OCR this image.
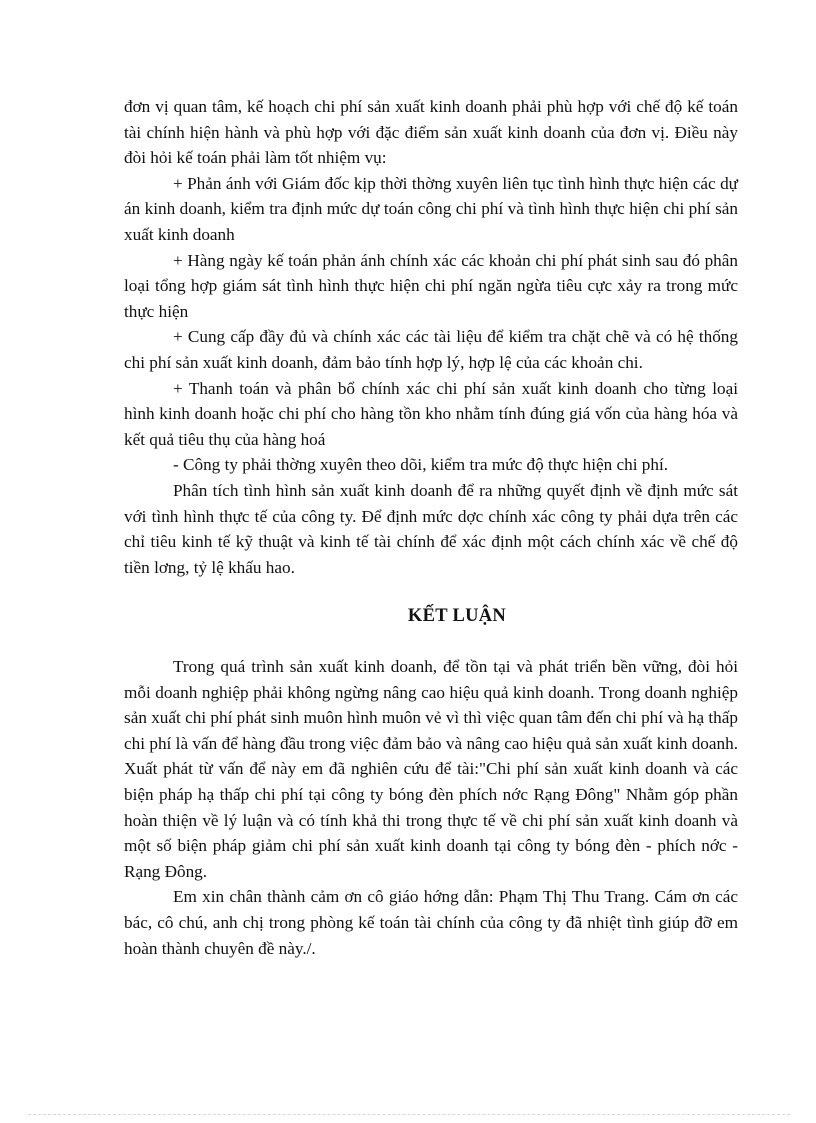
đơn vị quan tâm, kế hoạch chi phí sản xuất kinh doanh phải phù hợp với chế độ kế toán tài chính hiện hành và phù hợp với đặc điểm sản xuất kinh doanh của đơn vị. Điều này đòi hỏi kế toán phải làm tốt nhiệm vụ:

+ Phản ánh với Giám đốc kịp thời thờng xuyên liên tục tình hình thực hiện các dự án kinh doanh, kiểm tra định mức dự toán công chi phí và tình hình thực hiện chi phí sản xuất kinh doanh

+ Hàng ngày kế toán phản ánh chính xác các khoản chi phí phát sinh sau đó phân loại tổng hợp giám sát tình hình thực hiện chi phí ngăn ngừa tiêu cực xảy ra trong mức thực hiện

+ Cung cấp đầy đủ và chính xác các tài liệu để kiểm tra chặt chẽ và có hệ thống chi phí sản xuất kinh doanh, đảm bảo tính hợp lý, hợp lệ của các khoản chi.

+ Thanh toán và phân bổ chính xác chi phí sản xuất kinh doanh cho từng loại hình kinh doanh hoặc chi phí cho hàng tồn kho nhằm tính đúng giá vốn của hàng hóa và kết quả tiêu thụ của hàng hoá

- Công ty phải thờng xuyên theo dõi, kiểm tra mức độ thực hiện chi phí.

Phân tích tình hình sản xuất kinh doanh để ra những quyết định về định mức sát với tình hình thực tế của công ty. Để định mức dợc chính xác công ty phải dựa trên các chỉ tiêu kinh tế kỹ thuật và kinh tế tài chính để xác định một cách chính xác về chế độ tiền lơng, tỷ lệ khấu hao.

KẾT LUẬN

Trong quá trình sản xuất kinh doanh, để tồn tại và phát triển bền vững, đòi hỏi mỗi doanh nghiệp phải không ngừng nâng cao hiệu quả kinh doanh. Trong doanh nghiệp sản xuất chi phí phát sinh muôn hình muôn vẻ vì thì việc quan tâm đến chi phí và hạ thấp chi phí là vấn để hàng đầu trong việc đảm bảo và nâng cao hiệu quả sản xuất kinh doanh. Xuất phát từ vấn để này em đã nghiên cứu để tài:"Chi phí sản xuất kinh doanh và các biện pháp hạ thấp chi phí tại công ty bóng đèn phích nớc Rạng Đông" Nhằm góp phần hoàn thiện về lý luận và có tính khả thi trong thực tế về chi phí sản xuất kinh doanh và một số biện pháp giảm chi phí sản xuất kinh doanh tại công ty bóng đèn - phích nớc - Rạng Đông.

Em xin chân thành cảm ơn cô giáo hớng dẫn: Phạm Thị Thu Trang. Cám ơn các bác, cô chú, anh chị trong phòng kế toán tài chính của công ty đã nhiệt tình giúp đỡ em hoàn thành chuyên đề này./.
